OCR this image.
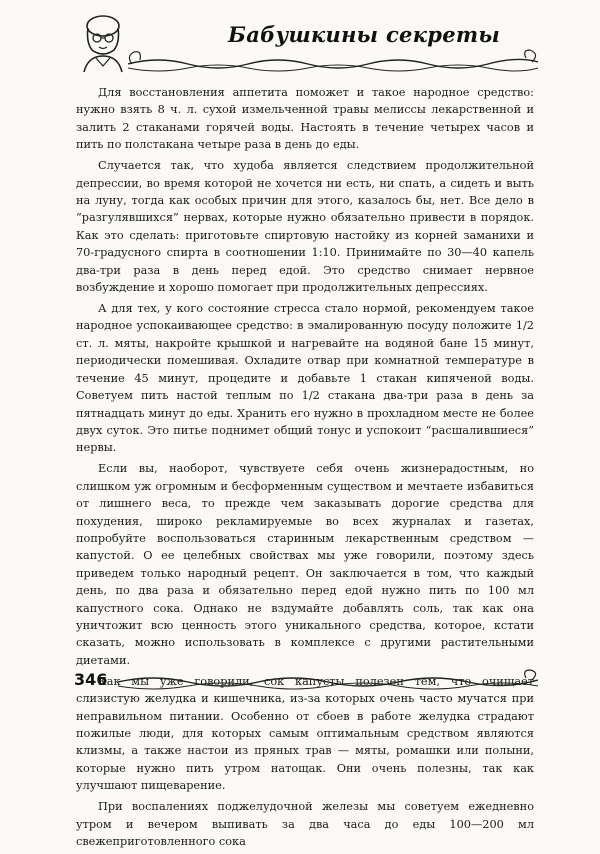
Бабушкины секреты

Для восстановления аппетита поможет и такое народное средство: нужно взять 8 ч. л. сухой измельченной травы мелиссы лекарственной и залить 2 стаканами горячей воды. Настоять в течение четырех часов и пить по полстакана четыре раза в день до еды.

Случается так, что худоба является следствием продолжительной депрессии, во время которой не хочется ни есть, ни спать, а сидеть и выть на луну, тогда как особых причин для этого, казалось бы, нет. Все дело в “разгулявшихся” нервах, которые нужно обязательно привести в порядок. Как это сделать: приготовьте спиртовую настойку из корней заманихи и 70-градусного спирта в соотношении 1:10. Принимайте по 30—40 капель два-три раза в день перед едой. Это средство снимает нервное возбуждение и хорошо помогает при продолжительных депрессиях.

А для тех, у кого состояние стресса стало нормой, рекомендуем такое народное успокаивающее средство: в эмалированную посуду положите 1/2 ст. л. мяты, накройте крышкой и нагревайте на водяной бане 15 минут, периодически помешивая. Охладите отвар при комнатной температуре в течение 45 минут, процедите и добавьте 1 стакан кипяченой воды. Советуем пить настой теплым по 1/2 стакана два-три раза в день за пятнадцать минут до еды. Хранить его нужно в прохладном месте не более двух суток. Это питье поднимет общий тонус и успокоит “расшалившиеся” нервы.

Если вы, наоборот, чувствуете себя очень жизнерадостным, но слишком уж огромным и бесформенным существом и мечтаете избавиться от лишнего веса, то прежде чем заказывать дорогие средства для похудения, широко рекламируемые во всех журналах и газетах, попробуйте воспользоваться старинным лекарственным средством — капустой. О ее целебных свойствах мы уже говорили, поэтому здесь приведем только народный рецепт. Он заключается в том, что каждый день, по два раза и обязательно перед едой нужно пить по 100 мл капустного сока. Однако не вздумайте добавлять соль, так как она уничтожит всю ценность этого уникального средства, которое, кстати сказать, можно использовать в комплексе с другими растительными диетами.

Как мы уже говорили, сок капусты полезен тем, что очищает слизистую желудка и кишечника, из-за которых очень часто мучатся при неправильном питании. Особенно от сбоев в работе желудка страдают пожилые люди, для которых самым оптимальным средством являются клизмы, а также настои из пряных трав — мяты, ромашки или полыни, которые нужно пить утром натощак. Они очень полезны, так как улучшают пищеварение.

При воспалениях поджелудочной железы мы советуем ежедневно утром и вечером выпивать за два часа до еды 100—200 мл свежеприготовленного сока

346
